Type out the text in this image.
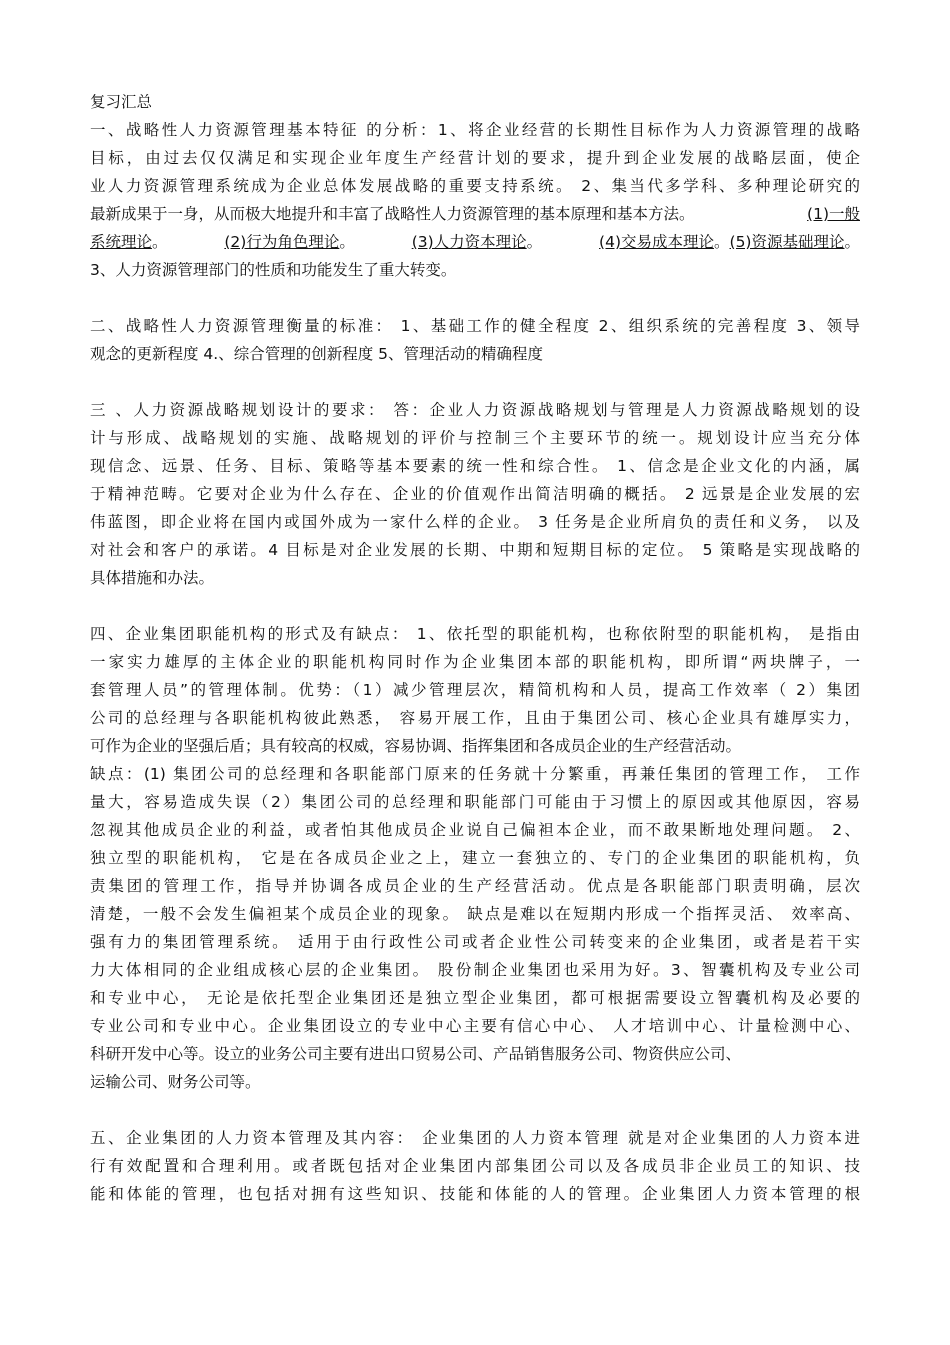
复习汇总
一、战略性人力资源管理基本特征 的分析：1、将企业经营的长期性目标作为人力资源管理的战略
目标，由过去仅仅满足和实现企业年度生产经营计划的要求，提升到企业发展的战略层面，使企
业人力资源管理系统成为企业总体发展战略的重要支持系统。 2、集当代多学科、多种理论研究的
最新成果于一身，从而极大地提升和丰富了战略性人力资源管理的基本原理和基本方法。	(1)一般
系统理论。	(2)行为角色理论。	(3)人力资本理论。	(4)交易成本理论。(5)资源基础理论。
3、人力资源管理部门的性质和功能发生了重大转变。
二、战略性人力资源管理衡量的标准： 1、基础工作的健全程度 2、组织系统的完善程度 3、领导
观念的更新程度 4.、综合管理的创新程度 5、管理活动的精确程度
三 、人力资源战略规划设计的要求： 答：企业人力资源战略规划与管理是人力资源战略规划的设
计与形成、战略规划的实施、战略规划的评价与控制三个主要环节的统一。规划设计应当充分体
现信念、远景、任务、目标、策略等基本要素的统一性和综合性。 1、信念是企业文化的内涵，属
于精神范畴。它要对企业为什么存在、企业的价值观作出简洁明确的概括。 2 远景是企业发展的宏
伟蓝图，即企业将在国内或国外成为一家什么样的企业。 3 任务是企业所肩负的责任和义务， 以及
对社会和客户的承诺。4 目标是对企业发展的长期、中期和短期目标的定位。 5 策略是实现战略的
具体措施和办法。
四、企业集团职能机构的形式及有缺点： 1、依托型的职能机构，也称依附型的职能机构， 是指由
一家实力雄厚的主体企业的职能机构同时作为企业集团本部的职能机构，即所谓“两块牌子，一
套管理人员”的管理体制。优势：（1）减少管理层次，精简机构和人员，提高工作效率（ 2）集团
公司的总经理与各职能机构彼此熟悉， 容易开展工作，且由于集团公司、核心企业具有雄厚实力，
可作为企业的坚强后盾；具有较高的权威，容易协调、指挥集团和各成员企业的生产经营活动。
缺点：(1) 集团公司的总经理和各职能部门原来的任务就十分繁重，再兼任集团的管理工作， 工作
量大，容易造成失误（2）集团公司的总经理和职能部门可能由于习惯上的原因或其他原因，容易
忽视其他成员企业的利益，或者怕其他成员企业说自己偏袒本企业，而不敢果断地处理问题。 2、
独立型的职能机构， 它是在各成员企业之上，建立一套独立的、专门的企业集团的职能机构，负
责集团的管理工作，指导并协调各成员企业的生产经营活动。优点是各职能部门职责明确，层次
清楚，一般不会发生偏袒某个成员企业的现象。 缺点是难以在短期内形成一个指挥灵活、 效率高、
强有力的集团管理系统。 适用于由行政性公司或者企业性公司转变来的企业集团，或者是若干实
力大体相同的企业组成核心层的企业集团。 股份制企业集团也采用为好。3、智囊机构及专业公司
和专业中心， 无论是依托型企业集团还是独立型企业集团，都可根据需要设立智囊机构及必要的
专业公司和专业中心。企业集团设立的专业中心主要有信心中心、 人才培训中心、计量检测中心、
科研开发中心等。设立的业务公司主要有进出口贸易公司、产品销售服务公司、物资供应公司、
运输公司、财务公司等。
五、企业集团的人力资本管理及其内容： 企业集团的人力资本管理 就是对企业集团的人力资本进
行有效配置和合理利用。或者既包括对企业集团内部集团公司以及各成员非企业员工的知识、技
能和体能的管理，也包括对拥有这些知识、技能和体能的人的管理。企业集团人力资本管理的根
